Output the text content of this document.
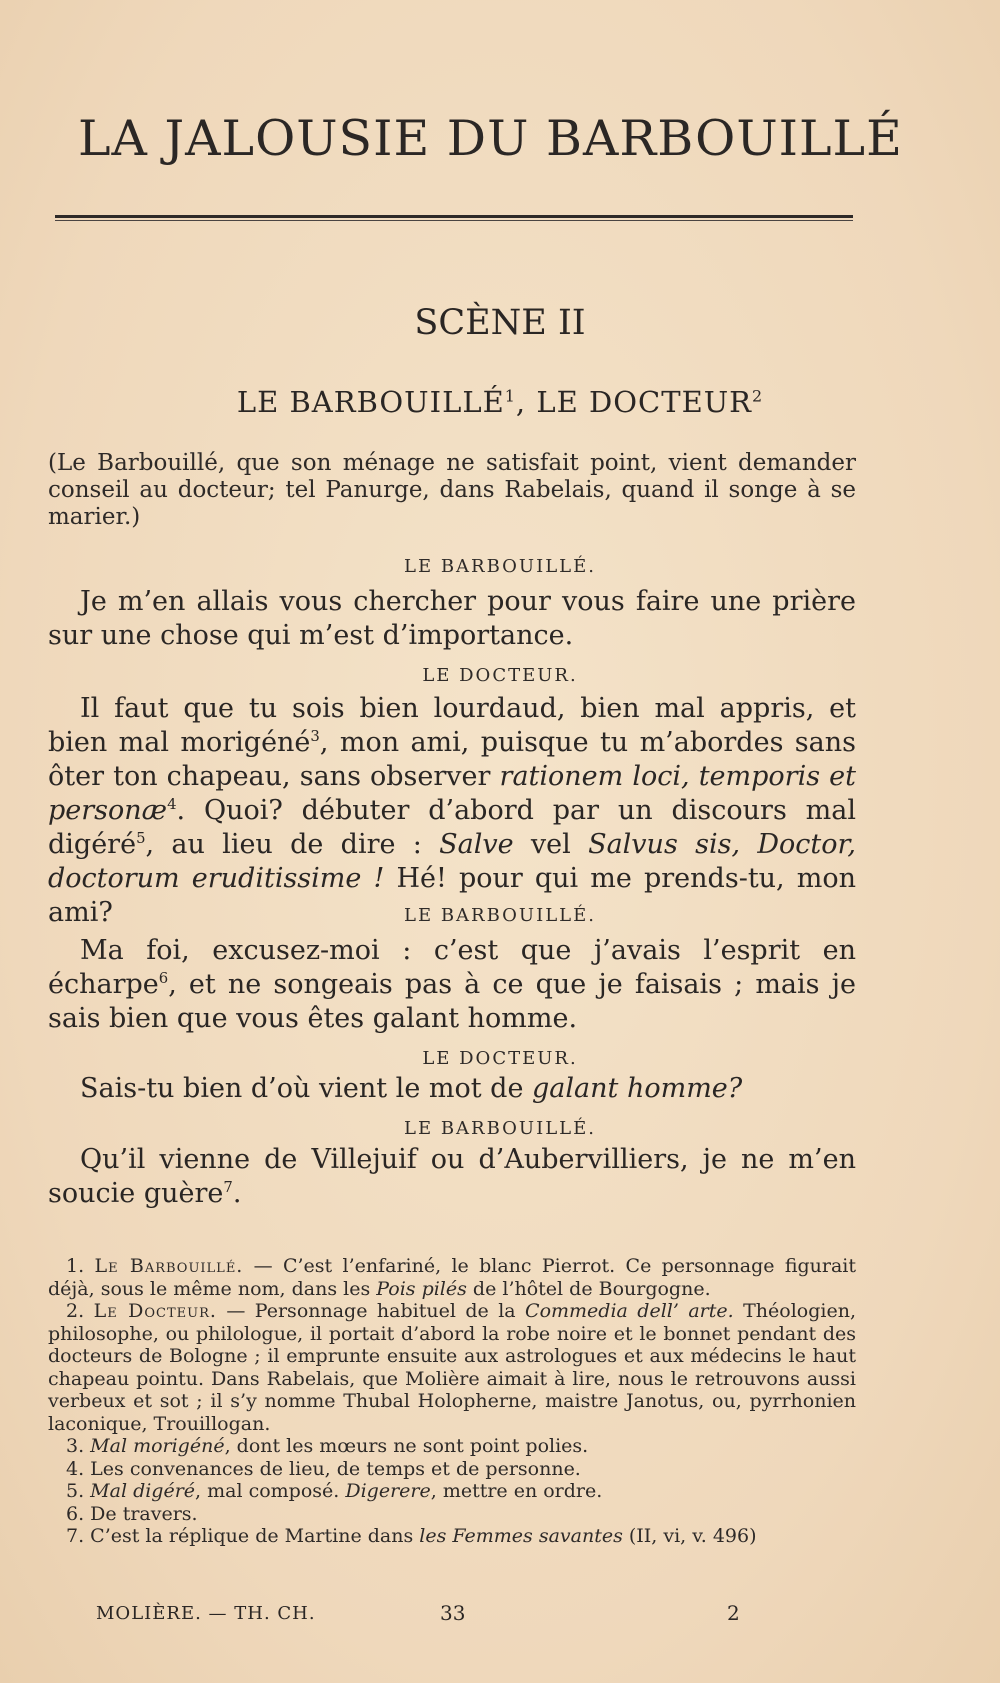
LA JALOUSIE DU BARBOUILLÉ
SCÈNE II
LE BARBOUILLÉ$^1$, LE DOCTEUR$^2$
(Le Barbouillé, que son ménage ne satisfait point, vient demander conseil au docteur; tel Panurge, dans Rabelais, quand il songe à se marier.)
LE BARBOUILLÉ.

Je m’en allais vous chercher pour vous faire une prière sur une chose qui m’est d’importance.

LE DOCTEUR.

Il faut que tu sois bien lourdaud, bien mal appris, et bien mal morigéné$^3$, mon ami, puisque tu m’abordes sans ôter ton chapeau, sans observer rationem loci, temporis et personæ$^4$. Quoi? débuter d’abord par un discours mal digéré$^5$, au lieu de dire : Salve vel Salvus sis, Doctor, doctorum eruditissime ! Hé! pour qui me prends-tu, mon ami?	LE BARBOUILLÉ.

Ma foi, excusez-moi : c’est que j’avais l’esprit en écharpe$^6$, et ne songeais pas à ce que je faisais ; mais je sais bien que vous êtes galant homme.

LE DOCTEUR.

Sais-tu bien d’où vient le mot de galant homme?

LE BARBOUILLÉ.

Qu’il vienne de Villejuif ou d’Aubervilliers, je ne m’en soucie guère$^7$.

1. Le Barbouillé. — C’est l’enfariné, le blanc Pierrot. Ce personnage figurait déjà, sous le même nom, dans les Pois pilés de l’hôtel de Bourgogne.

2. Le Docteur. — Personnage habituel de la Commedia dell’ arte. Théologien, philosophe, ou philologue, il portait d’abord la robe noire et le bonnet pendant des docteurs de Bologne ; il emprunte ensuite aux astrologues et aux médecins le haut chapeau pointu. Dans Rabelais, que Molière aimait à lire, nous le retrouvons aussi verbeux et sot ; il s’y nomme Thubal Holopherne, maistre Janotus, ou, pyrrhonien laconique, Trouillogan.

3. Mal morigéné, dont les mœurs ne sont point polies.

4. Les convenances de lieu, de temps et de personne.

5. Mal digéré, mal composé. Digerere, mettre en ordre.

6. De travers.

7. C’est la réplique de Martine dans les Femmes savantes (II, vi, v. 496)

MOLIÈRE. — TH. CH.	33	2
